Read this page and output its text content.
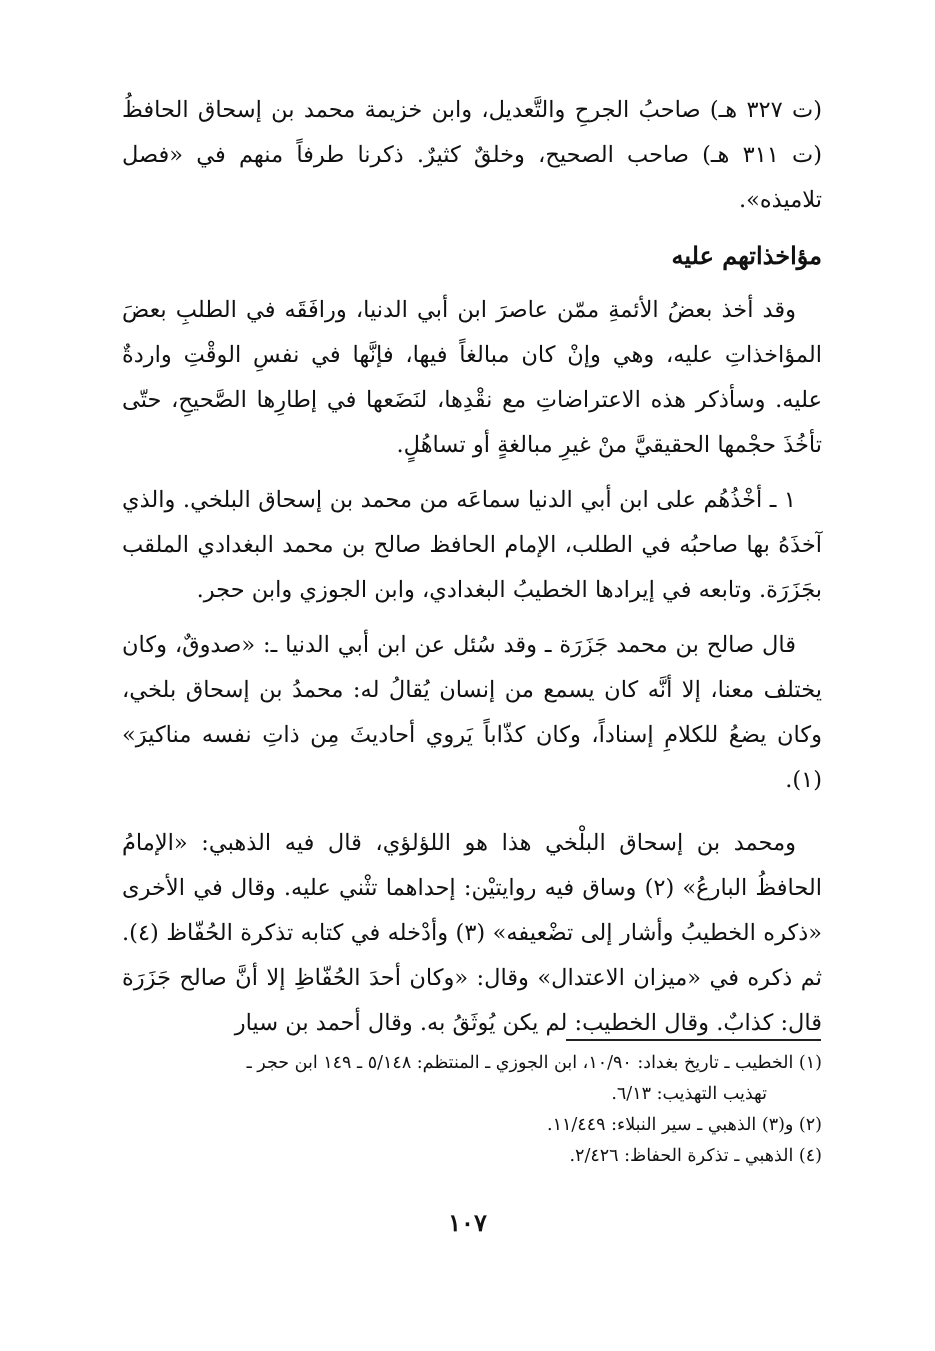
(ت ٣٢٧ هـ) صاحبُ الجرحِ والتَّعديل، وابن خزيمة محمد بن إسحاق الحافظُ (ت ٣١١ هـ) صاحب الصحيح، وخلقٌ كثيرٌ. ذكرنا طرفاً منهم في «فصل تلاميذه».

مؤاخذاتهم عليه

وقد أخذ بعضُ الأئمةِ ممّن عاصرَ ابن أبي الدنيا، ورافَقَه في الطلبِ بعضَ المؤاخذاتِ عليه، وهي وإنْ كان مبالغاً فيها، فإنَّها في نفسِ الوقْتِ واردةٌ عليه. وسأذكر هذه الاعتراضاتِ مع نقْدِها، لنَضَعها في إطارِها الصَّحيحِ، حتّى تأخُذَ حجْمها الحقيقيَّ منْ غيرِ مبالغةٍ أو تساهُلٍ.

١ ـ أخْذُهُم على ابن أبي الدنيا سماعَه من محمد بن إسحاق البلخي. والذي آخذَهُ بها صاحبُه في الطلب، الإمام الحافظ صالح بن محمد البغدادي الملقب بجَزَرَة. وتابعه في إيرادها الخطيبُ البغدادي، وابن الجوزي وابن حجر.

قال صالح بن محمد جَزَرَة ـ وقد سُئل عن ابن أبي الدنيا ـ: «صدوقٌ، وكان يختلف معنا، إلا أنَّه كان يسمع من إنسان يُقالُ له: محمدُ بن إسحاق بلخي، وكان يضعُ للكلامِ إسناداً، وكان كذّاباً يَروي أحاديثَ مِن ذاتِ نفسه مناكيرَ» (١).

ومحمد بن إسحاق البلْخي هذا هو اللؤلؤي، قال فيه الذهبي: «الإمامُ الحافظُ البارعُ» (٢) وساق فيه روايتيْن: إحداهما تثْني عليه. وقال في الأخرى «ذكره الخطيبُ وأشار إلى تضْعيفه» (٣) وأدْخله في كتابه تذكرة الحُفّاظ (٤). ثم ذكره في «ميزان الاعتدال» وقال: «وكان أحدَ الحُفّاظِ إلا أنَّ صالح جَزَرَة قال: كذابٌ. وقال الخطيب: لم يكن يُوثَقُ به. وقال أحمد بن سيار

(١) الخطيب ـ تاريخ بغداد: ١٠/٩٠، ابن الجوزي ـ المنتظم: ٥/١٤٨ ـ ١٤٩ ابن حجر ـ

تهذيب التهذيب: ٦/١٣.

(٢) و(٣) الذهبي ـ سير النبلاء: ١١/٤٤٩.

(٤) الذهبي ـ تذكرة الحفاظ: ٢/٤٢٦.

١٠٧
